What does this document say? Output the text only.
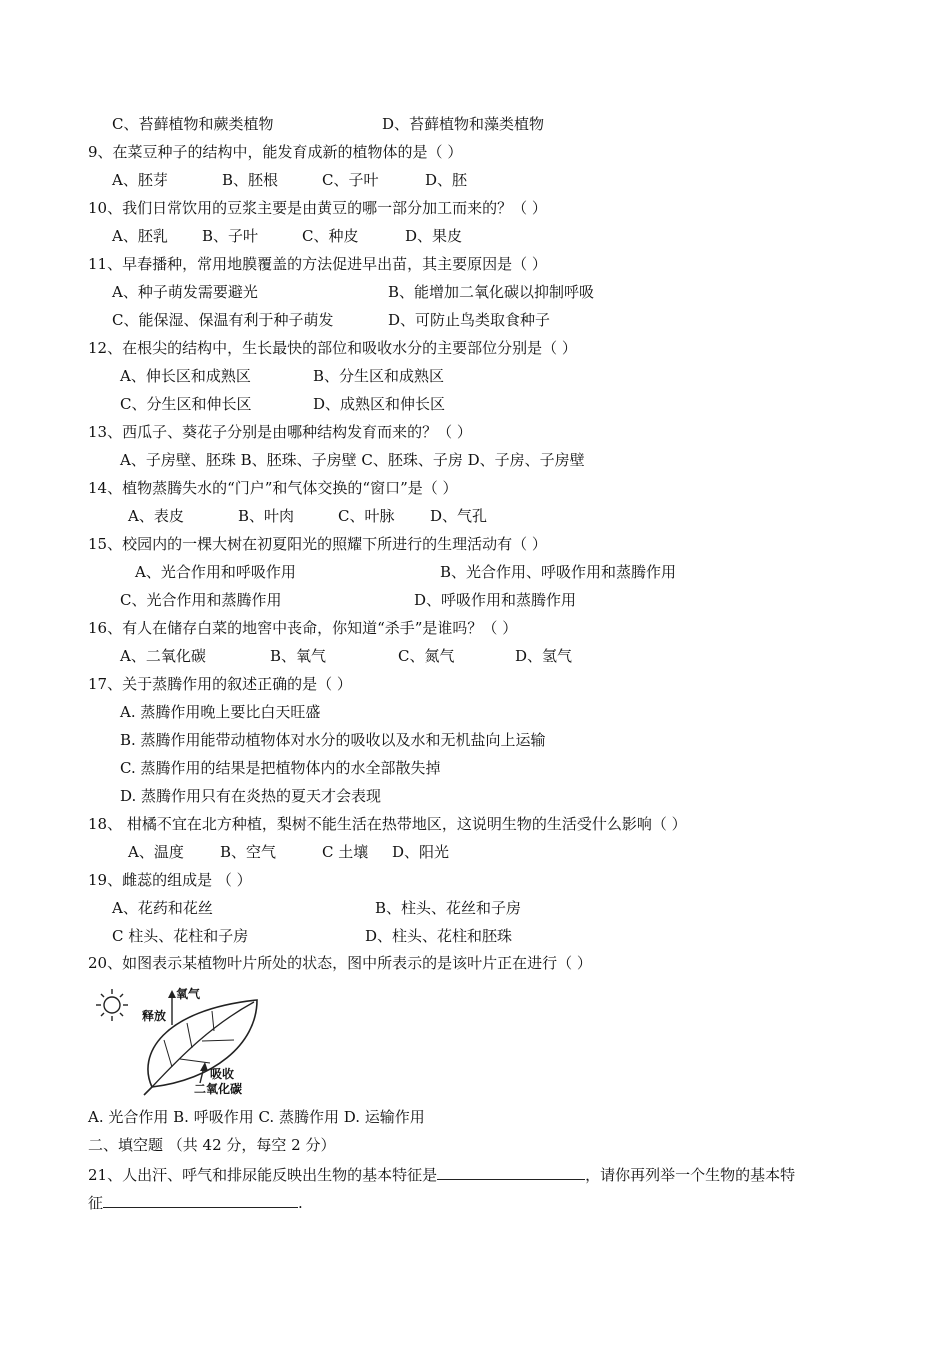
C、苔藓植物和蕨类植物	D、苔藓植物和藻类植物
9、在菜豆种子的结构中，能发育成新的植物体的是（ ）
A、胚芽	B、胚根	C、子叶	D、胚
10、我们日常饮用的豆浆主要是由黄豆的哪一部分加工而来的？（ ）
A、胚乳 B、子叶	C、种皮	D、果皮
11、早春播种，常用地膜覆盖的方法促进早出苗，其主要原因是（ ）
A、种子萌发需要避光	B、能增加二氧化碳以抑制呼吸
C、能保湿、保温有利于种子萌发	D、可防止鸟类取食种子
12、在根尖的结构中，生长最快的部位和吸收水分的主要部位分别是（ ）
A、伸长区和成熟区	B、分生区和成熟区
C、分生区和伸长区	D、成熟区和伸长区
13、西瓜子、葵花子分别是由哪种结构发育而来的？（ ）
A、子房壁、胚珠 B、胚珠、子房壁 C、胚珠、子房 D、子房、子房壁
14、植物蒸腾失水的“门户”和气体交换的“窗口”是（ ）
A、表皮	B、叶肉	C、叶脉 D、气孔
15、校园内的一棵大树在初夏阳光的照耀下所进行的生理活动有（ ）
A、光合作用和呼吸作用	B、光合作用、呼吸作用和蒸腾作用
C、光合作用和蒸腾作用	D、呼吸作用和蒸腾作用
16、有人在储存白菜的地窖中丧命，你知道“杀手”是谁吗？（ ）
A、二氧化碳	B、氧气	C、氮气	D、氢气
17、关于蒸腾作用的叙述正确的是（ ）
A. 蒸腾作用晚上要比白天旺盛
B. 蒸腾作用能带动植物体对水分的吸收以及水和无机盐向上运输
C. 蒸腾作用的结果是把植物体内的水全部散失掉
D. 蒸腾作用只有在炎热的夏天才会表现
18、 柑橘不宜在北方种植，梨树不能生活在热带地区，这说明生物的生活受什么影响（ ）
A、温度 B、空气	C 土壤 D、阳光
19、雌蕊的组成是 （ ）
A、花药和花丝	B、柱头、花丝和子房
C 柱头、花柱和子房	D、柱头、花柱和胚珠
20、如图表示某植物叶片所处的状态，图中所表示的是该叶片正在进行（ ）
氧气
释放
吸收
二氧化碳
A. 光合作用 B. 呼吸作用 C. 蒸腾作用 D. 运输作用
二、填空题 （共 42 分，每空 2 分）
21、人出汗、呼气和排尿能反映出生物的基本特征是	，请你再列举一个生物的基本特
征	.
